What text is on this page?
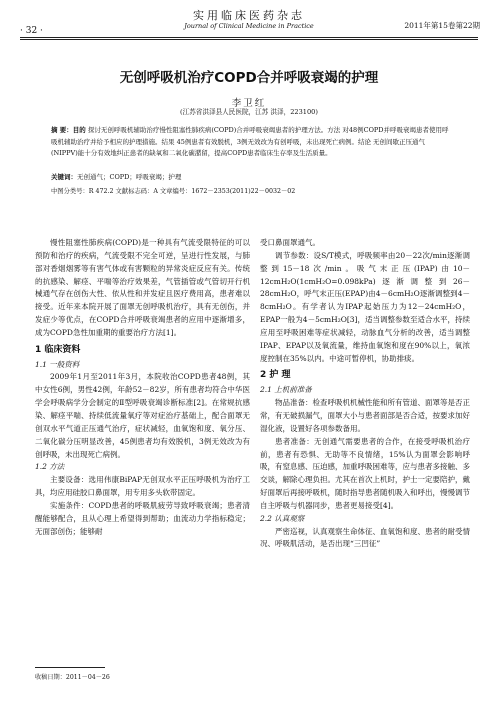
实用临床医药杂志
Journal of Clinical Medicine in Practice
· 32 ·
2011年第15卷第22期
无创呼吸机治疗COPD合并呼吸衰竭的护理
李卫红
(江苏省洪泽县人民医院，江苏 洪泽，223100)
摘 要：目的 探讨无创呼吸机辅助治疗慢性阻塞性肺疾病(COPD)合并呼吸衰竭患者的护理方法。方法 对48例COPD并呼吸衰竭患者使用呼吸机辅助治疗并给予相应的护理措施。结果 45例患者有效脱机，3例无效改为有创呼吸，未出现死亡病例。结论 无创间歇正压通气(NIPPV)能十分有效地纠正患者的缺氧和二氧化碳潴留，提高COPD患者临床生存率及生活质量。
关键词：无创通气；COPD；呼吸衰竭；护理
中图分类号：R 472.2 文献标志码：A 文章编号：1672－2353(2011)22－0032－02

慢性阻塞性肺疾病(COPD)是一种具有气流受限特征的可以预防和治疗的疾病，气流受限不完全可逆，呈进行性发展，与肺部对香烟烟雾等有害气体或有害颗粒的异常炎症反应有关。传统的抗感染、解痉、平喘等治疗效果差，气管插管或气管切开行机械通气存在创伤大性、依从性和并发症且医疗费用高，患者难以接受。近年来本院开展了面罩无创呼吸机治疗，具有无创伤，并发症少等优点，在COPD合并呼吸衰竭患者的应用中逐渐增多，成为COPD急性加重期的重要治疗方法[1]。

1 临床资料
1.1 一般资料

2009年1月至2011年3月，本院收治COPD患者48例，其中女性6例，男性42例，年龄52－82岁，所有患者均符合中华医学会呼吸病学分会制定的Ⅱ型呼吸衰竭诊断标准[2]。在常规抗感染、解痉平喘、持续低流量氧疗等对症治疗基础上，配合面罩无创双水平气道正压通气治疗，症状减轻，血氧饱和度、氧分压、二氧化碳分压明显改善，45例患者均有效脱机，3例无效改为有创呼吸，未出现死亡病例。

1.2 方法

主要设备：选用伟康BiPAP无创双水平正压呼吸机为治疗工具，均应用硅胶口鼻面罩，用专用多头软带固定。

实施条件：COPD患者的呼吸肌疲劳导致呼吸衰竭；患者清醒能够配合，且从心理上希望得到帮助；血流动力学指标稳定；无面部创伤；能够耐

受口鼻面罩通气。

调节参数：设S/T模式，呼吸频率由20－22次/min逐渐调整到15－18次/min。吸气末正压(IPAP)由10－12cmH₂O(1cmH₂O=0.098kPa)逐渐调整到26－28cmH₂O，呼气末正压(EPAP)由4－6cmH₂O逐渐调整到4－8cmH₂O。有学者认为IPAP起始压力为12－24cmH₂O，EPAP一般为4－5cmH₂O[3]，适当调整参数至适合水平，持续应用至呼吸困难等症状减轻，动脉血气分析的改善，适当调整IPAP、EPAP以及氧流量，维持血氧饱和度在90%以上，氧浓度控制在35%以内。中途可暂停机，协助排痰。

2 护 理
2.1 上机前准备

物品准备：检查呼吸机机械性能和所有管道、面罩等是否正常，有无破损漏气，面罩大小与患者面部是否合适，按要求加好湿化液，设置好各项参数备用。

患者准备：无创通气需要患者的合作，在接受呼吸机治疗前，患者有恐惧、无助等不良情绪，15%认为面罩会影响呼吸，有窒息感、压迫感，加重呼吸困难等，应与患者多接触、多交谈，解除心理负担。尤其在首次上机时，护士一定要陪护，戴好面罩后再接呼吸机，随时指导患者随机吸入和呼出，慢慢调节自主呼吸与机器同步，患者更易接受[4]。

2.2 认真观察

严密巡视，认真观察生命体征、血氧饱和度、患者的耐受情况、呼吸肌活动，是否出现“三凹征”

收稿日期：2011－04－26
